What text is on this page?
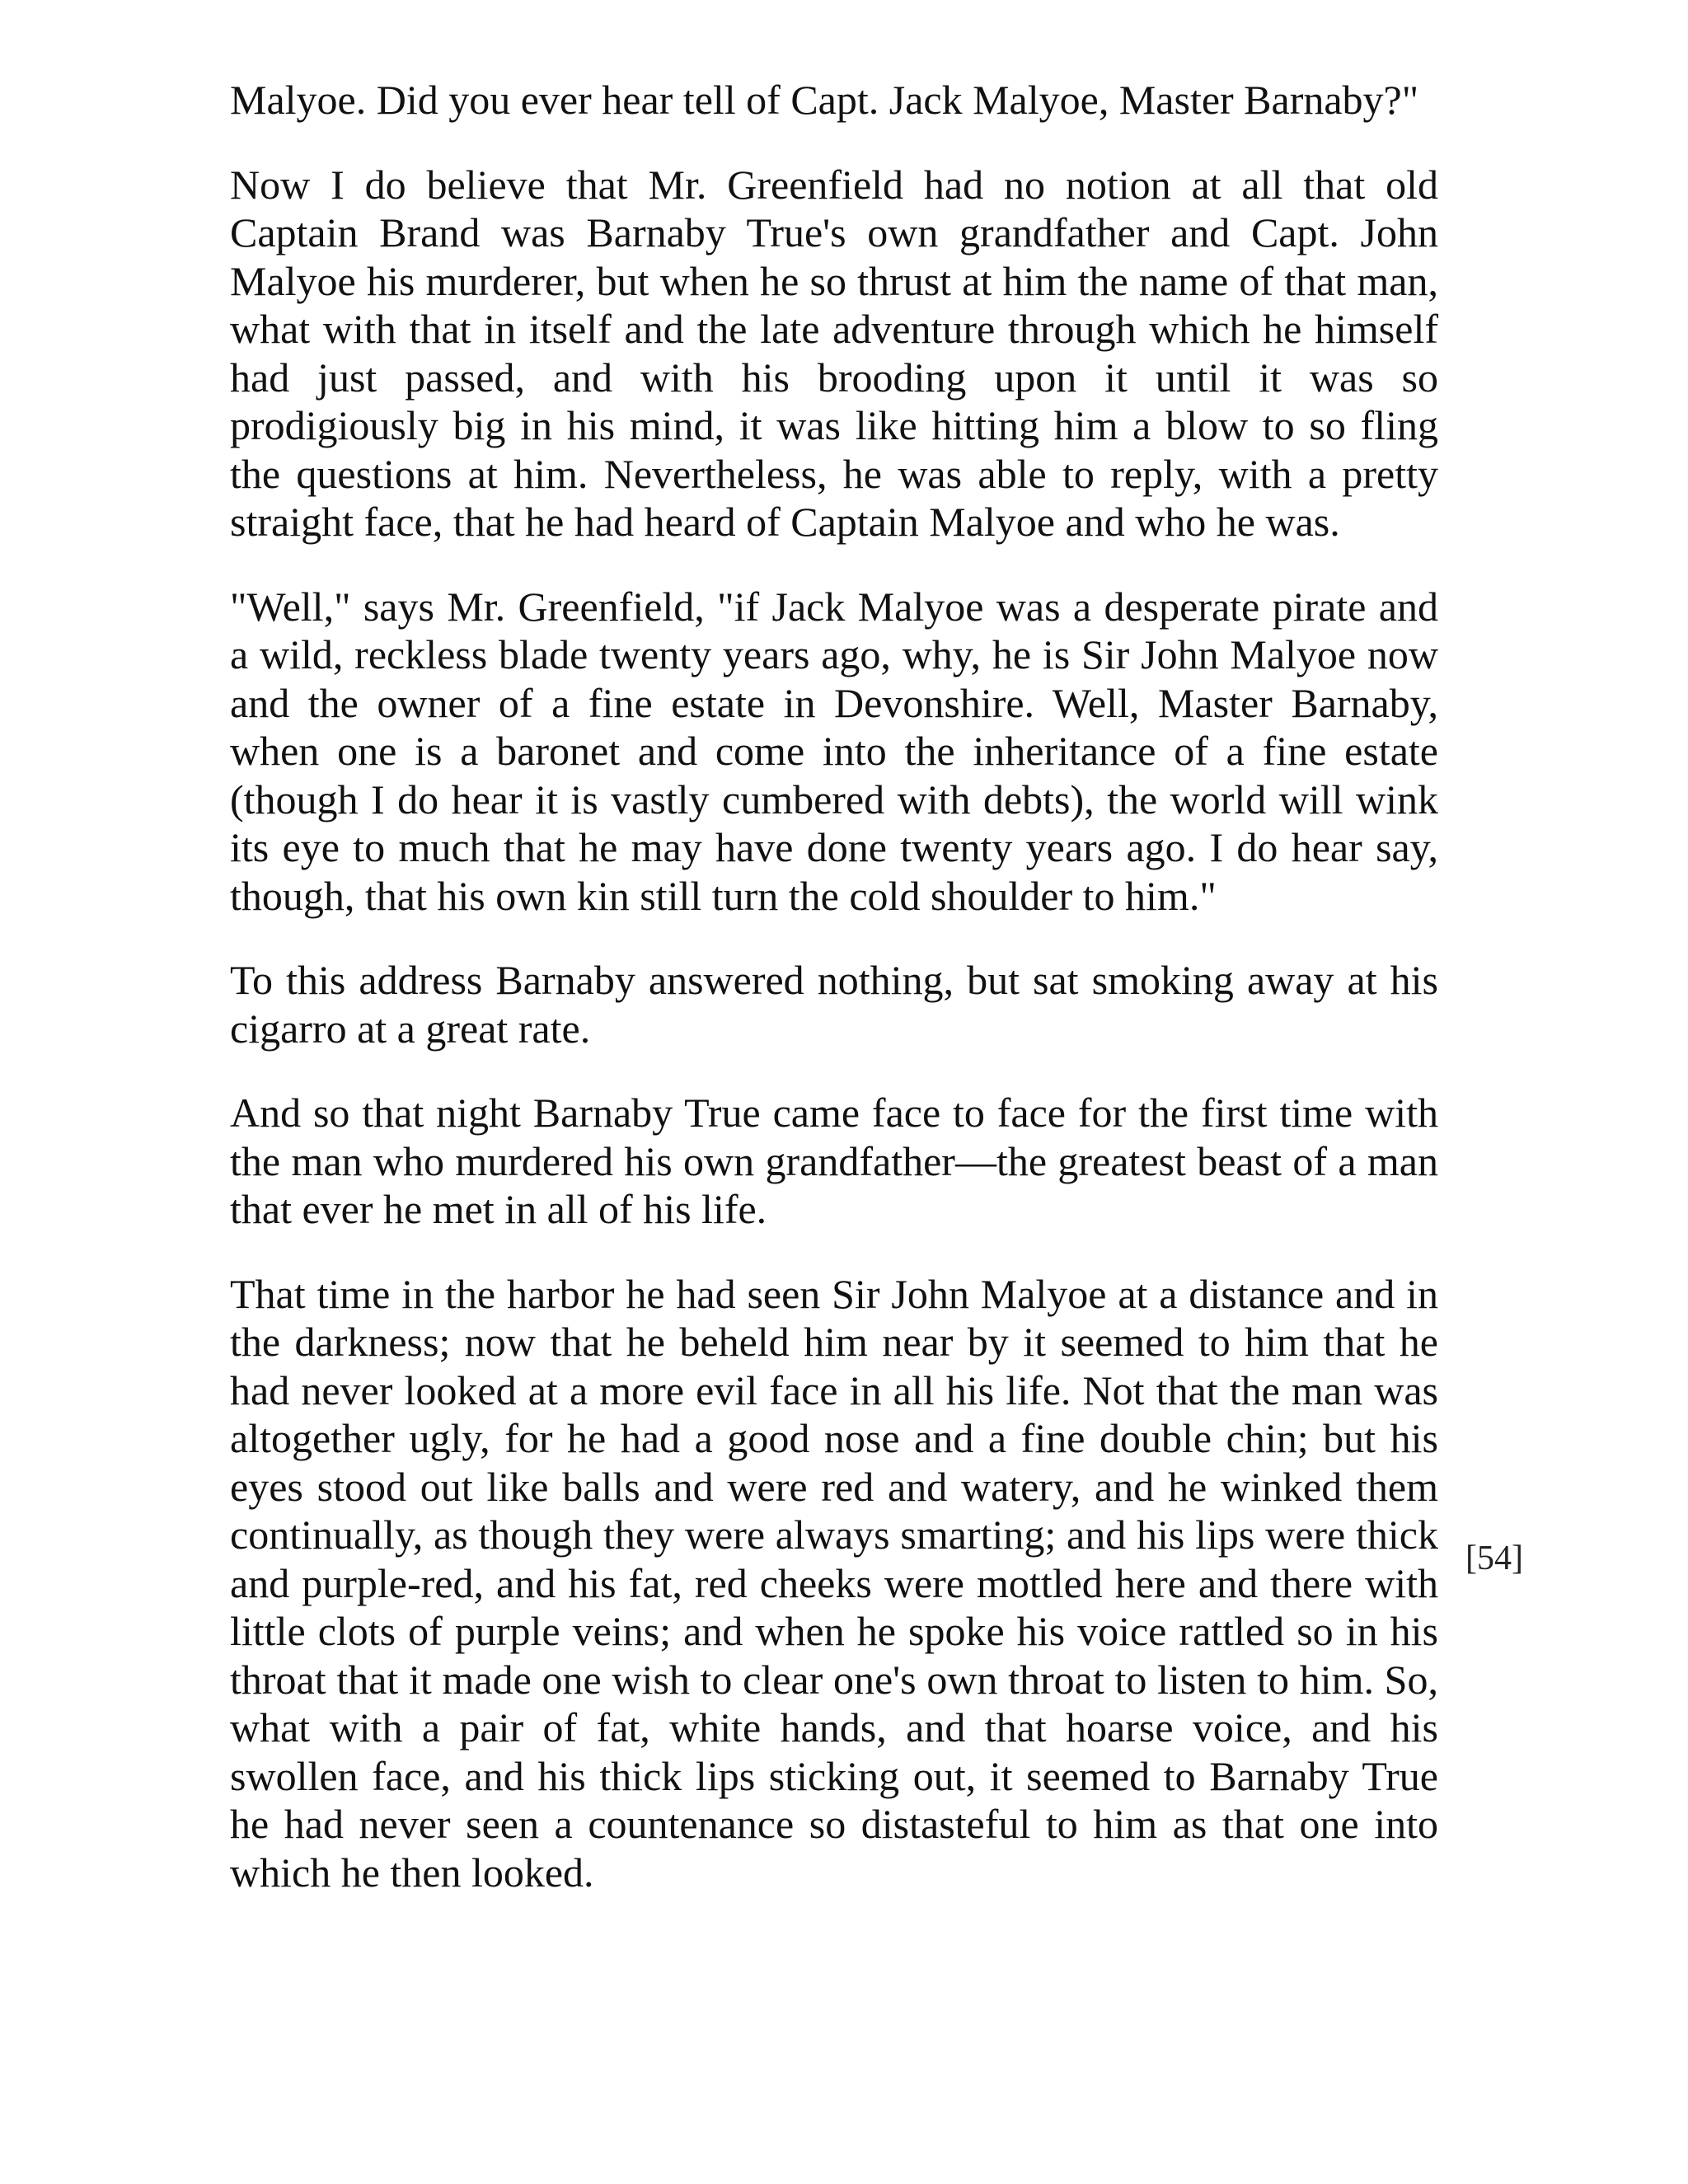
Malyoe. Did you ever hear tell of Capt. Jack Malyoe, Master Barnaby?"

Now I do believe that Mr. Greenfield had no notion at all that old Captain Brand was Barnaby True's own grandfather and Capt. John Malyoe his murderer, but when he so thrust at him the name of that man, what with that in itself and the late adventure through which he himself had just passed, and with his brooding upon it until it was so prodigiously big in his mind, it was like hitting him a blow to so fling the questions at him. Nevertheless, he was able to reply, with a pretty straight face, that he had heard of Captain Malyoe and who he was.

"Well," says Mr. Greenfield, "if Jack Malyoe was a desperate pirate and a wild, reckless blade twenty years ago, why, he is Sir John Malyoe now and the owner of a fine estate in Devonshire. Well, Master Barnaby, when one is a baronet and come into the inheritance of a fine estate (though I do hear it is vastly cumbered with debts), the world will wink its eye to much that he may have done twenty years ago. I do hear say, though, that his own kin still turn the cold shoulder to him."

To this address Barnaby answered nothing, but sat smoking away at his cigarro at a great rate.

And so that night Barnaby True came face to face for the first time with the man who murdered his own grandfather—the greatest beast of a man that ever he met in all of his life.

That time in the harbor he had seen Sir John Malyoe at a distance and in the darkness; now that he beheld him near by it seemed to him that he had never looked at a more evil face in all his life. Not that the man was altogether ugly, for he had a good nose and a fine double chin; but his eyes stood out like balls and were red and watery, and he winked them continually, as though they were always smarting; and his lips were thick and purple-red, and his fat, red cheeks were mottled here and there with little clots of purple veins; and when he spoke his voice rattled so in his throat that it made one wish to clear one's own throat to listen to him. So, what with a pair of fat, white hands, and that hoarse voice, and his swollen face, and his thick lips sticking out, it seemed to Barnaby True he had never seen a countenance so distasteful to him as that one into which he then looked.

[54]
